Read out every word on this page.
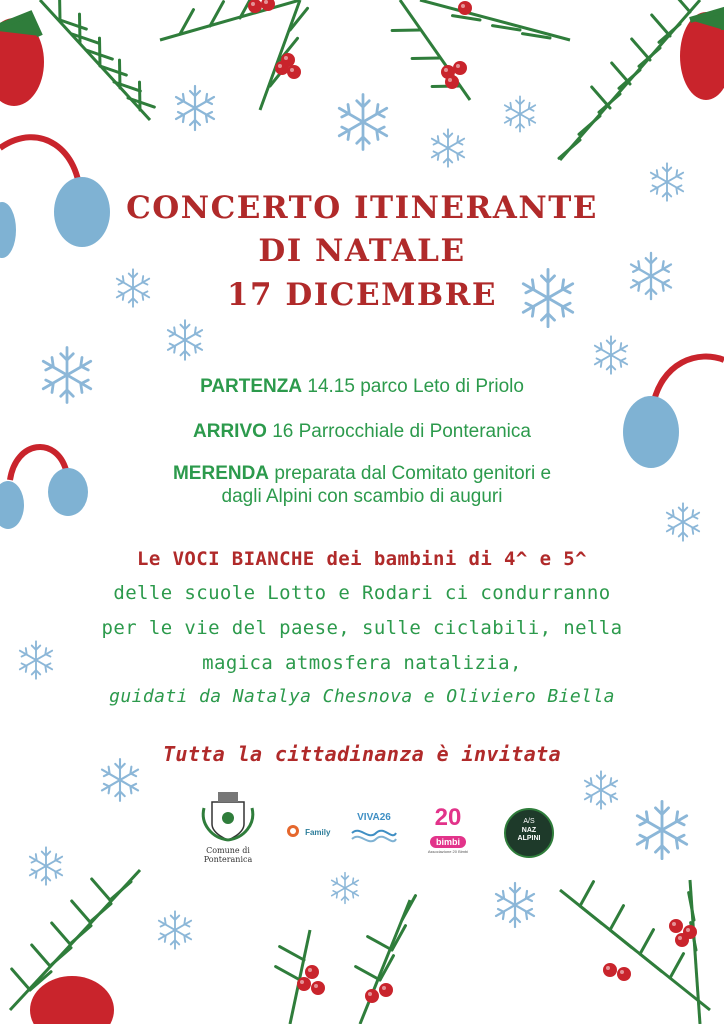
CONCERTO ITINERANTE

DI NATALE

17 DICEMBRE

PARTENZA 14.15 parco Leto di Priolo

ARRIVO 16 Parrocchiale di Ponteranica

MERENDA preparata dal Comitato genitori e

dagli Alpini con scambio di auguri

Le VOCI BIANCHE dei bambini di 4^ e 5^

delle scuole Lotto e Rodari ci condurranno

per le vie del paese, sulle ciclabili, nella

magica atmosfera natalizia,

guidati da Natalya Chesnova e Oliviero Biella

Tutta la cittadinanza è invitata

Comune di
Ponteranica
Family
VIVA26	20
bimbi
Associazione 20 Bimbi
A/S
NAZ ALPINI
